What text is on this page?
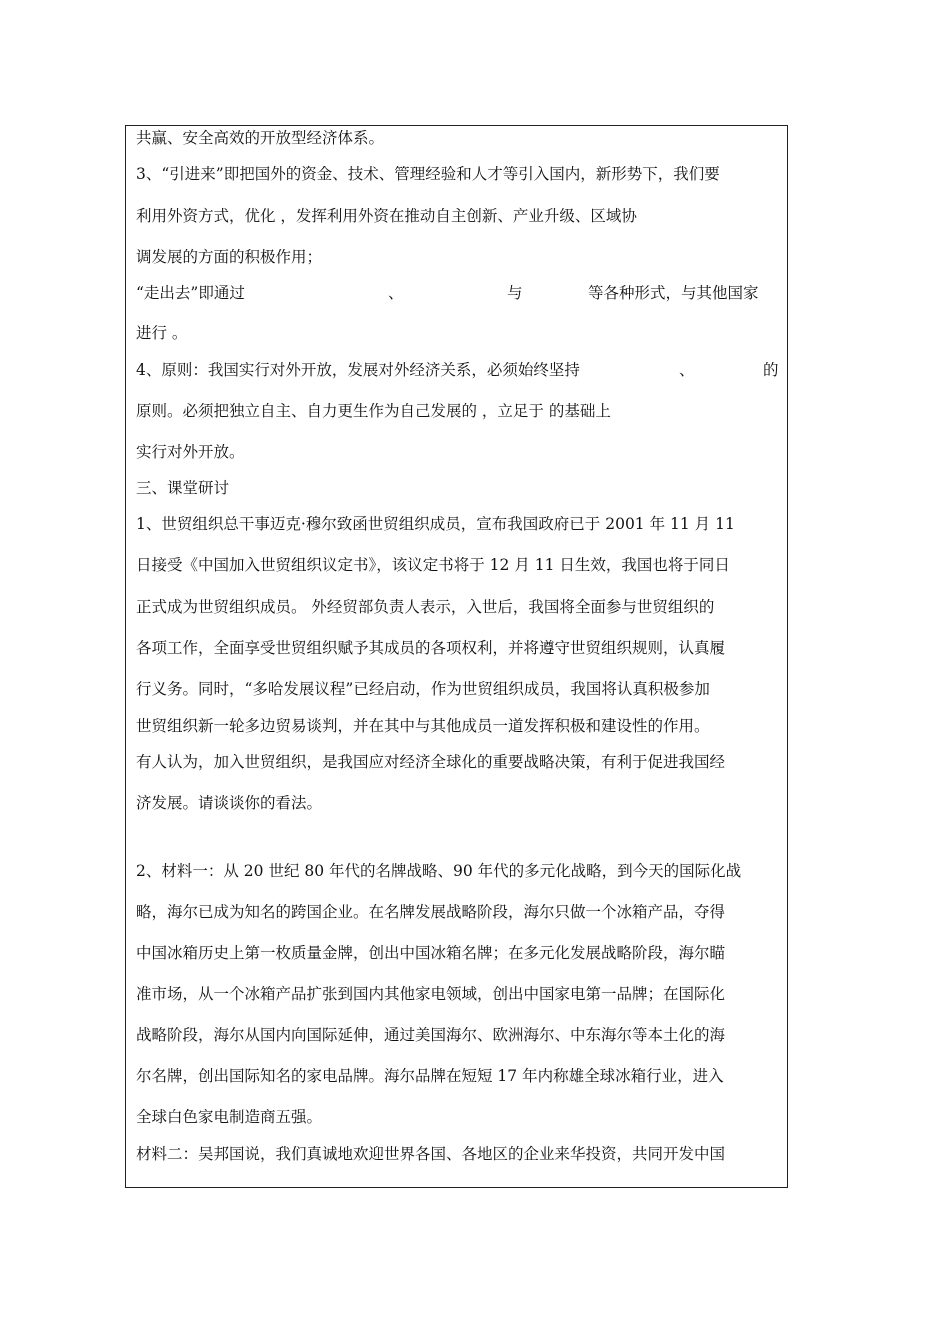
共赢、安全高效的开放型经济体系。
3、“引进来”即把国外的资金、技术、管理经验和人才等引入国内，新形势下，我们要
利用外资方式，优化 ，发挥利用外资在推动自主创新、产业升级、区域协
调发展的方面的积极作用；
“走出去”即通过	、	与	等各种形式，与其他国家
进行 。
4、原则：我国实行对外开放，发展对外经济关系，必须始终坚持	、	的
原则。必须把独立自主、自力更生作为自己发展的 ，立足于 的基础上
实行对外开放。
三、课堂研讨
1、世贸组织总干事迈克·穆尔致函世贸组织成员，宣布我国政府已于 2001 年 11 月 11
日接受《中国加入世贸组织议定书》，该议定书将于 12 月 11 日生效，我国也将于同日
正式成为世贸组织成员。 外经贸部负责人表示，入世后，我国将全面参与世贸组织的
各项工作，全面享受世贸组织赋予其成员的各项权利，并将遵守世贸组织规则，认真履
行义务。同时，“多哈发展议程”已经启动，作为世贸组织成员，我国将认真积极参加
世贸组织新一轮多边贸易谈判，并在其中与其他成员一道发挥积极和建设性的作用。
有人认为，加入世贸组织，是我国应对经济全球化的重要战略决策，有利于促进我国经
济发展。请谈谈你的看法。
2、材料一：从 20 世纪 80 年代的名牌战略、90 年代的多元化战略，到今天的国际化战
略，海尔已成为知名的跨国企业。在名牌发展战略阶段，海尔只做一个冰箱产品，夺得
中国冰箱历史上第一枚质量金牌，创出中国冰箱名牌；在多元化发展战略阶段，海尔瞄
准市场，从一个冰箱产品扩张到国内其他家电领域，创出中国家电第一品牌；在国际化
战略阶段，海尔从国内向国际延伸，通过美国海尔、欧洲海尔、中东海尔等本土化的海
尔名牌，创出国际知名的家电品牌。海尔品牌在短短 17 年内称雄全球冰箱行业，进入
全球白色家电制造商五强。
材料二：吴邦国说，我们真诚地欢迎世界各国、各地区的企业来华投资，共同开发中国
